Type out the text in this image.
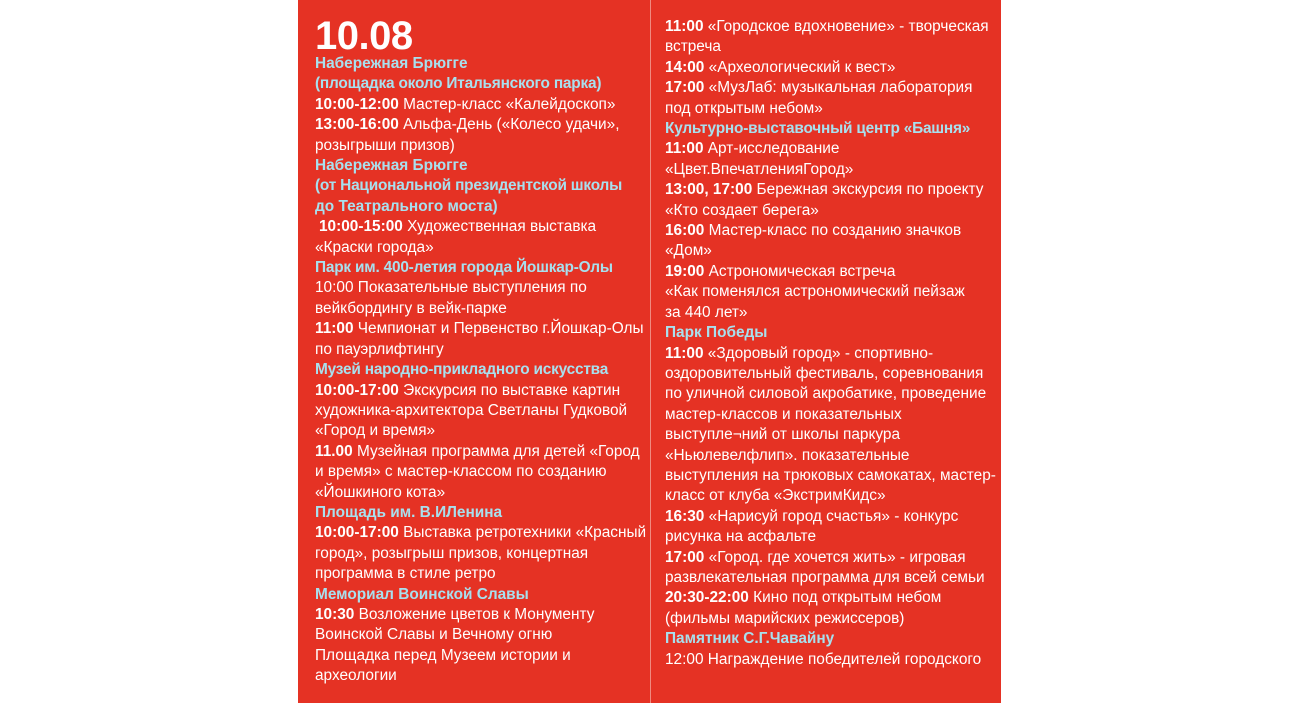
10.08
Набережная Брюгге
(площадка около Итальянского парка)
10:00-12:00 Мастер-класс «Калейдоскоп»
13:00-16:00 Альфа-День («Колесо удачи»,
розыгрыши призов)
Набережная Брюгге
(от Национальной президентской школы
до Театрального моста)
10:00-15:00 Художественная выставка
«Краски города»
Парк им. 400-летия города Йошкар-Олы
10:00 Показательные выступления по
вейкбордингу в вейк-парке
11:00 Чемпионат и Первенство г.Йошкар-Олы
по пауэрлифтингу
Музей народно-прикладного искусства
10:00-17:00 Экскурсия по выставке картин
художника-архитектора Светланы Гудковой
«Город и время»
11.00 Музейная программа для детей «Город
и время» с мастер-классом по созданию
«Йошкиного кота»
Площадь им. В.ИЛенина
10:00-17:00 Выставка ретротехники «Красный
город», розыгрыш призов, концертная
программа в стиле ретро
Мемориал Воинской Славы
10:30 Возложение цветов к Монументу
Воинской Славы и Вечному огню
Площадка перед Музеем истории и
археологии
11:00 «Городское вдохновение» - творческая
встреча
14:00 «Археологический к вест»
17:00 «МузЛаб: музыкальная лаборатория
под открытым небом»
Культурно-выставочный центр «Башня»
11:00 Арт-исследование
«Цвет.ВпечатленияГород»
13:00, 17:00 Бережная экскурсия по проекту
«Кто создает берега»
16:00 Мастер-класс по созданию значков
«Дом»
19:00 Астрономическая встреча
«Как поменялся астрономический пейзаж
за 440 лет»
Парк Победы
11:00 «Здоровый город» - спортивно-
оздоровительный фестиваль, соревнования
по уличной силовой акробатике, проведение
мастер-классов и показательных
выступле¬ний от школы паркура
«Ньюлевелфлип». показательные
выступления на трюковых самокатах, мастер-
класс от клуба «ЭкстримКидс»
16:30 «Нарисуй город счастья» - конкурс
рисунка на асфальте
17:00 «Город. где хочется жить» - игровая
развлекательная программа для всей семьи
20:30-22:00 Кино под открытым небом
(фильмы марийских режиссеров)
Памятник С.Г.Чавайну
12:00 Награждение победителей городского
